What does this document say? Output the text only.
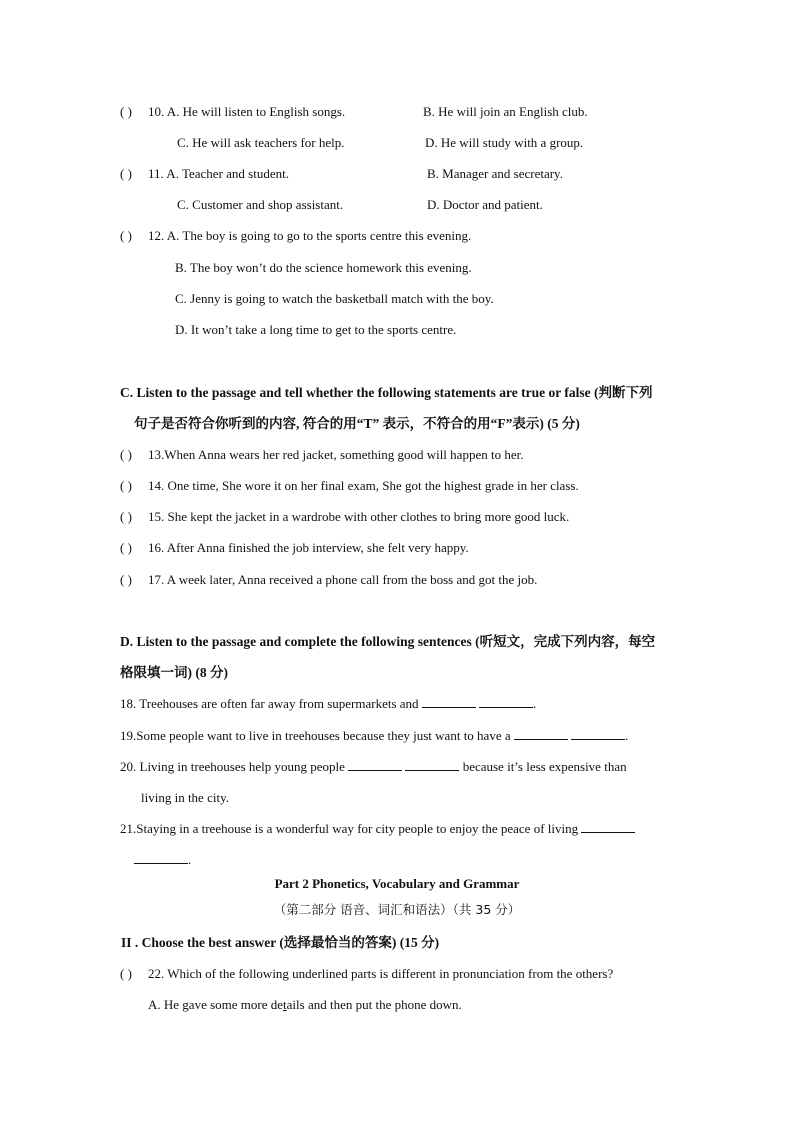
( ) 10. A. He will listen to English songs.	B. He will join an English club.
C. He will ask teachers for help.	D. He will study with a group.
( ) 11. A. Teacher and student.	B. Manager and secretary.
C. Customer and shop assistant.	D. Doctor and patient.
( ) 12. A. The boy is going to go to the sports centre this evening.
B. The boy won’t do the science homework this evening.
C. Jenny is going to watch the basketball match with the boy.
D. It won’t take a long time to get to the sports centre.
C. Listen to the passage and tell whether the following statements are true or false (判断下列
句子是否符合你听到的内容, 符合的用“T” 表示，不符合的用“F”表示) (5 分)
( ) 13.When Anna wears her red jacket, something good will happen to her.
( ) 14. One time, She wore it on her final exam, She got the highest grade in her class.
( ) 15. She kept the jacket in a wardrobe with other clothes to bring more good luck.
( ) 16. After Anna finished the job interview, she felt very happy.
( ) 17. A week later, Anna received a phone call from the boss and got the job.
D. Listen to the passage and complete the following sentences (听短文，完成下列内容，每空
格限填一词) (8 分)
18. Treehouses are often far away from supermarkets and	.
19.Some people want to live in treehouses because they just want to have a	.
20. Living in treehouses help young people	because it’s less expensive than
living in the city.
21.Staying in a treehouse is a wonderful way for city people to enjoy the peace of living
.
Part 2 Phonetics, Vocabulary and Grammar
（第二部分 语音、词汇和语法）（共 35 分）
II . Choose the best answer (选择最恰当的答案) (15 分)
( ) 22. Which of the following underlined parts is different in pronunciation from the others?
A. He gave some more details and then put the phone down.
